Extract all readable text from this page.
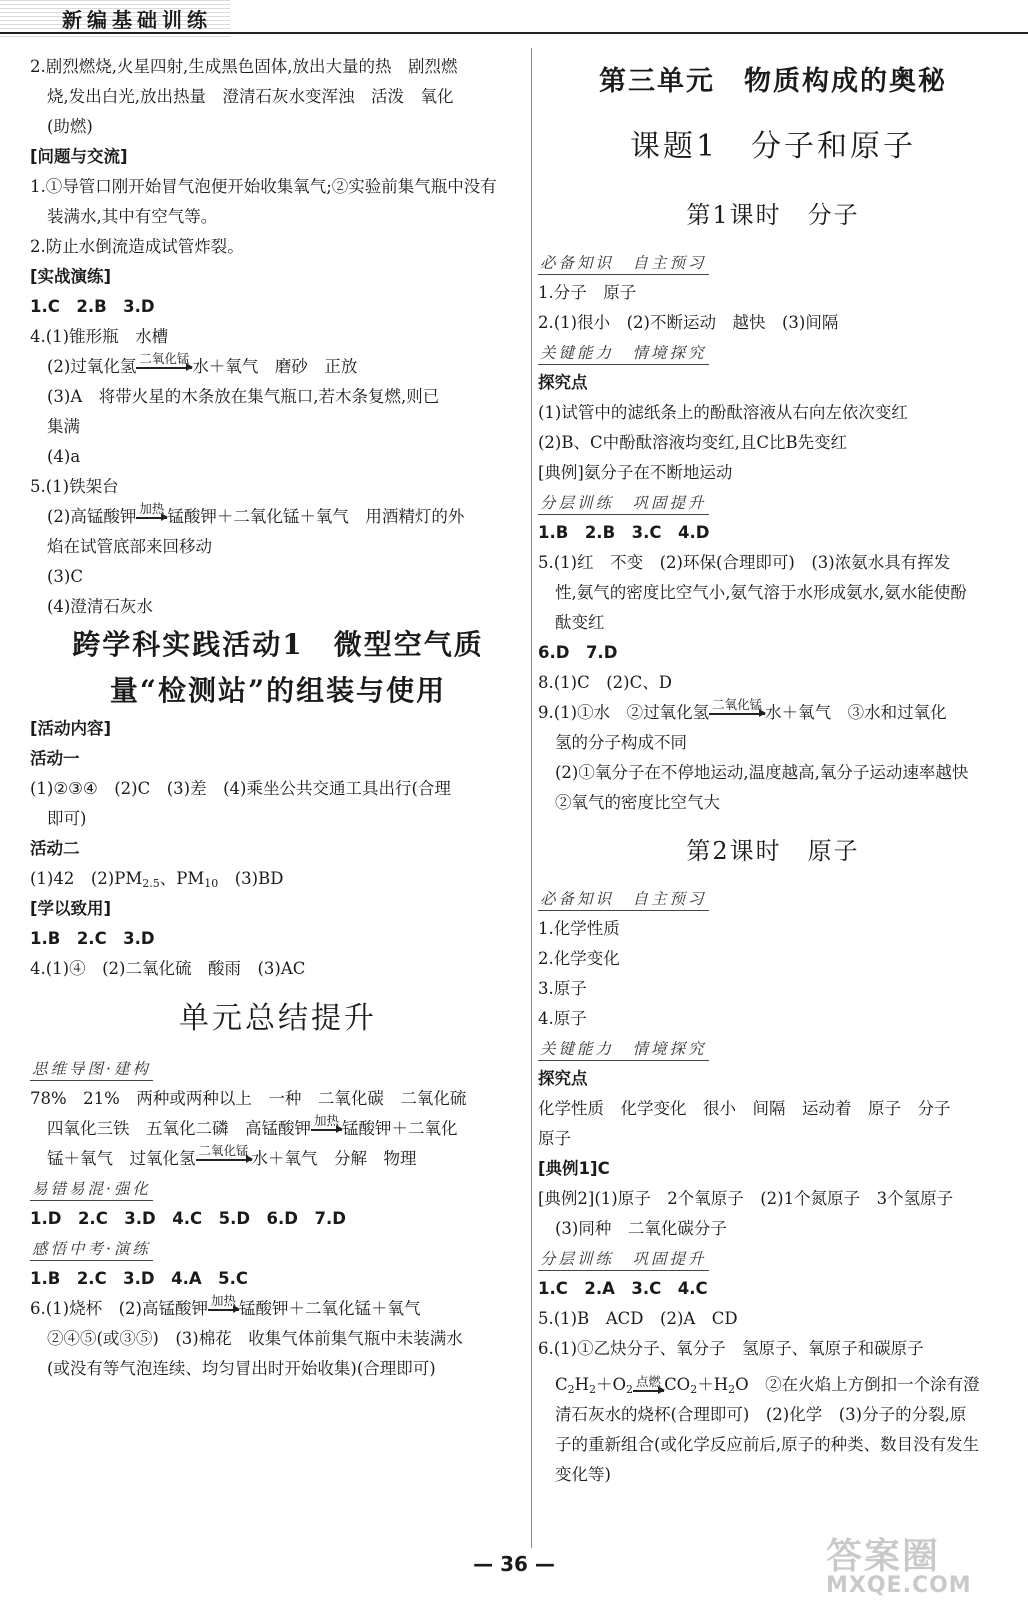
新编基础训练
2.剧烈燃烧,火星四射,生成黑色固体,放出大量的热　剧烈燃
烧,发出白光,放出热量　澄清石灰水变浑浊　活泼　氧化
(助燃)
[问题与交流]
1.①导管口刚开始冒气泡便开始收集氧气;②实验前集气瓶中没有
装满水,其中有空气等。
2.防止水倒流造成试管炸裂。
[实战演练]
1.C　2.B　3.D
4.(1)锥形瓶　水槽
(2)过氧化氢 二氧化锰 水＋氧气　磨砂　正放
(3)A　将带火星的木条放在集气瓶口,若木条复燃,则已
集满
(4)a
5.(1)铁架台
(2)高锰酸钾 加热 锰酸钾＋二氧化锰＋氧气　用酒精灯的外
焰在试管底部来回移动
(3)C
(4)澄清石灰水
跨学科实践活动1　微型空气质
量“检测站”的组装与使用
[活动内容]
活动一
(1)②③④　(2)C　(3)差　(4)乘坐公共交通工具出行(合理
即可)
活动二
(1)42　$(2)PM_{2.5}$、$PM_{10}$　(3)BD
[学以致用]
1.B　2.C　3.D
4.(1)④　(2)二氧化硫　酸雨　(3)AC
单元总结提升
思维导图·建构
78%　21%　两种或两种以上　一种　二氧化碳　二氧化硫
四氧化三铁　五氧化二磷　高锰酸钾 加热 锰酸钾＋二氧化
锰＋氧气　过氧化氢 二氧化锰 水＋氧气　分解　物理
易错易混·强化
1.D　2.C　3.D　4.C　5.D　6.D　7.D
感悟中考·演练
1.B　2.C　3.D　4.A　5.C
6.(1)烧杯　(2)高锰酸钾 加热 锰酸钾＋二氧化锰＋氧气
②④⑤(或③⑤)　(3)棉花　收集气体前集气瓶中未装满水
(或没有等气泡连续、均匀冒出时开始收集)(合理即可)
第三单元　物质构成的奥秘
课题1　分子和原子
第1课时　分子
必备知识　自主预习
1.分子　原子
2.(1)很小　(2)不断运动　越快　(3)间隔
关键能力　情境探究
探究点
(1)试管中的滤纸条上的酚酞溶液从右向左依次变红
(2)B、C中酚酞溶液均变红,且C比B先变红
[典例]氨分子在不断地运动
分层训练　巩固提升
1.B　2.B　3.C　4.D
5.(1)红　不变　(2)环保(合理即可)　(3)浓氨水具有挥发
性,氨气的密度比空气小,氨气溶于水形成氨水,氨水能使酚
酞变红
6.D　7.D
8.(1)C　(2)C、D
9.(1)①水　②过氧化氢 二氧化锰 水＋氧气　③水和过氧化
氢的分子构成不同
(2)①氧分子在不停地运动,温度越高,氧分子运动速率越快
②氧气的密度比空气大
第2课时　原子
必备知识　自主预习
1.化学性质
2.化学变化
3.原子
4.原子
关键能力　情境探究
探究点
化学性质　化学变化　很小　间隔　运动着　原子　分子
原子
[典例1]C
[典例2](1)原子　2个氧原子　(2)1个氮原子　3个氢原子
(3)同种　二氧化碳分子
分层训练　巩固提升
1.C　2.A　3.C　4.C
5.(1)B　ACD　(2)A　CD
6.(1)①乙炔分子、氧分子　氢原子、氧原子和碳原子
$C_2H_2+O_2$
点燃 $CO_2+H_2O$　②在火焰上方倒扣一个涂有澄
清石灰水的烧杯(合理即可)　(2)化学　(3)分子的分裂,原
子的重新组合(或化学反应前后,原子的种类、数目没有发生
变化等)
— 36 —	答案圈
MXQE.COM
